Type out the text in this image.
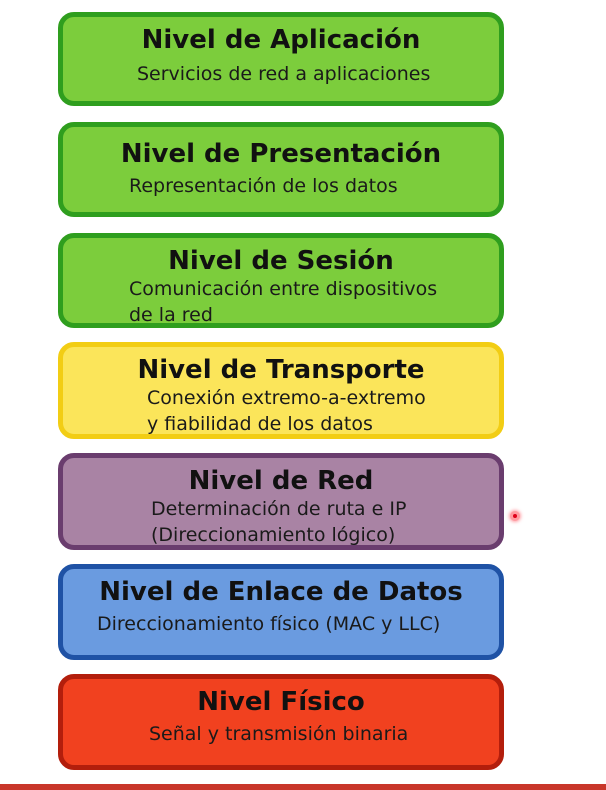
Nivel de Aplicación
Servicios de red a aplicaciones
Nivel de Presentación
Representación de los datos
Nivel de Sesión
Comunicación entre dispositivos
de la red
Nivel de Transporte
Conexión extremo-a-extremo
y fiabilidad de los datos
Nivel de Red
Determinación de ruta e IP
(Direccionamiento lógico)
Nivel de Enlace de Datos
Direccionamiento físico (MAC y LLC)
Nivel Físico
Señal y transmisión binaria
